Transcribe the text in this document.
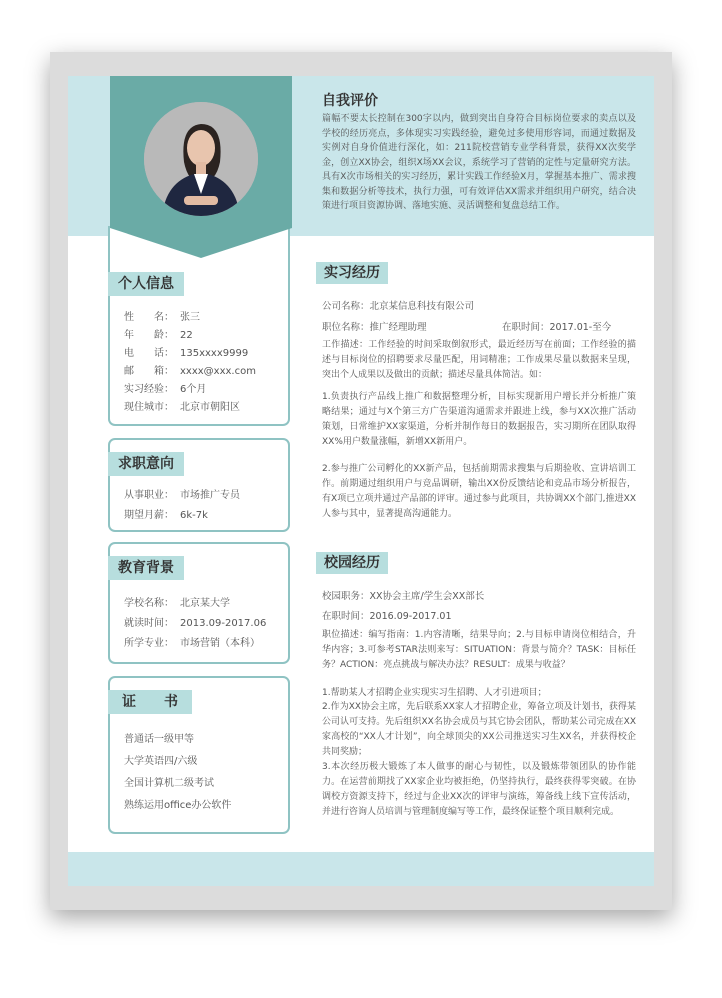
个人信息
性　　名： 张三
年　　龄： 22
电　　话： 135xxxx9999
邮　　箱： xxxx@xxx.com
实习经验： 6个月
现住城市： 北京市朝阳区
求职意向
从事职业： 市场推广专员
期望月薪： 6k-7k
教育背景
学校名称： 北京某大学
就读时间： 2013.09-2017.06
所学专业： 市场营销（本科）
证　　书
普通话一级甲等
大学英语四/六级
全国计算机二级考试
熟练运用office办公软件
自我评价
篇幅不要太长控制在300字以内，做到突出自身符合目标岗位要求的卖点以及学校的经历亮点，多体现实习实践经验，避免过多使用形容词，而通过数据及实例对自身价值进行深化，如：211院校营销专业学科背景，获得XX次奖学金，创立XX协会，组织X场XX会议，系统学习了营销的定性与定量研究方法。具有X次市场相关的实习经历，累计实践工作经验X月，掌握基本推广、需求搜集和数据分析等技术，执行力强，可有效评估XX需求并组织用户研究，结合决策进行项目资源协调、落地实施、灵活调整和复盘总结工作。
实习经历
公司名称：北京某信息科技有限公司
职位名称：推广经理助理	在职时间：2017.01-至今
工作描述：工作经验的时间采取倒叙形式，最近经历写在前面；工作经验的描述与目标岗位的招聘要求尽量匹配，用词精准；工作成果尽量以数据来呈现，突出个人成果以及做出的贡献；描述尽量具体简洁。如：
1.负责执行产品线上推广和数据整理分析，目标实现新用户增长并分析推广策略结果；通过与X个第三方广告渠道沟通需求并跟进上线，参与XX次推广活动策划，日常维护XX家渠道，分析并制作每日的数据报告，实习期所在团队取得XX%用户数量涨幅，新增XX新用户。
2.参与推广公司孵化的XX新产品，包括前期需求搜集与后期验收、宣讲培训工作。前期通过组织用户与竞品调研，输出XX份反馈结论和竞品市场分析报告，有X项已立项并通过产品部的评审。通过参与此项目，共协调XX个部门,推进XX人参与其中，显著提高沟通能力。
校园经历
校园职务：XX协会主席/学生会XX部长
在职时间：2016.09-2017.01
职位描述：编写指南：1.内容清晰，结果导向；2.与目标申请岗位相结合，升华内容；3.可参考STAR法则来写：SITUATION：背景与简介？TASK：目标任务？ACTION：亮点挑战与解决办法？RESULT：成果与收益？
1.帮助某人才招聘企业实现实习生招聘、人才引进项目；
2.作为XX协会主席，先后联系XX家人才招聘企业，筹备立项及计划书，获得某公司认可支持。先后组织XX名协会成员与其它协会团队，帮助某公司完成在XX家高校的“XX人才计划”，向全球顶尖的XX公司推送实习生XX名，并获得校企共同奖励；
3.本次经历极大锻炼了本人做事的耐心与韧性，以及锻炼带领团队的协作能力。在运营前期找了XX家企业均被拒绝，仍坚持执行，最终获得零突破。在协调校方资源支持下，经过与企业XX次的评审与演练，筹备线上线下宣传活动，并进行咨询人员培训与管理制度编写等工作，最终保证整个项目顺利完成。
